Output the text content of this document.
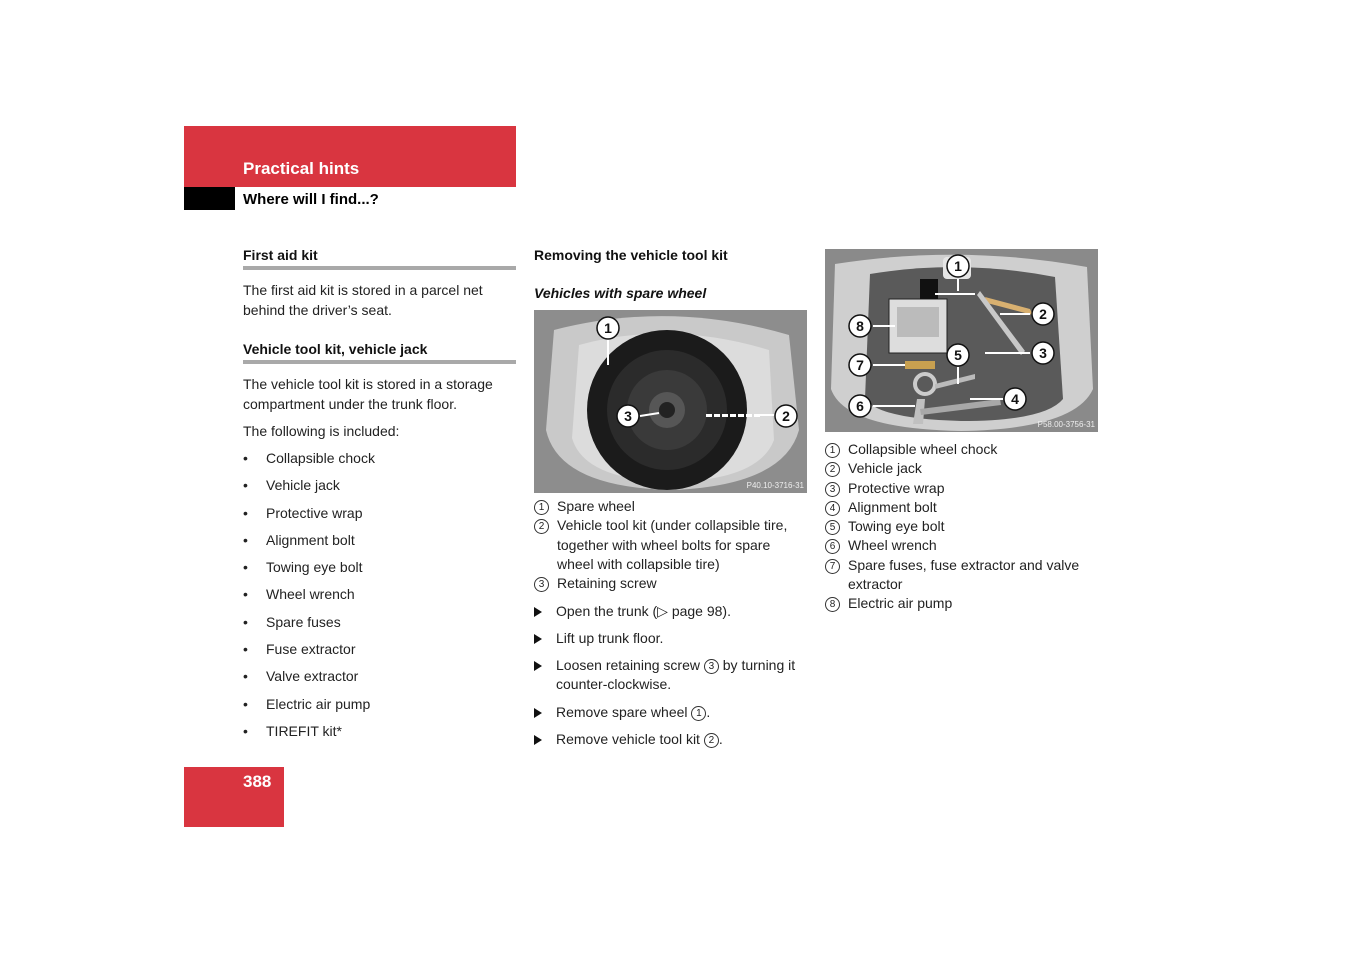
Practical hints
Where will I find...?
First aid kit
The first aid kit is stored in a parcel net behind the driver’s seat.
Vehicle tool kit, vehicle jack
The vehicle tool kit is stored in a storage compartment under the trunk floor.
The following is included:
• Collapsible chock
• Vehicle jack
• Protective wrap
• Alignment bolt
• Towing eye bolt
• Wheel wrench
• Spare fuses
• Fuse extractor
• Valve extractor
• Electric air pump
• TIREFIT kit*
Removing the vehicle tool kit
Vehicles with spare wheel
1
3	2
P40.10-3716-31
1 Spare wheel
2 Vehicle tool kit (under collapsible tire, together with wheel bolts for spare wheel with collapsible tire)
3 Retaining screw
Open the trunk (▷ page 98).
Lift up trunk floor.
Loosen retaining screw 3 by turning it counter-clockwise.
Remove spare wheel 1 .
Remove vehicle tool kit 2 .
1
2
3
4
5
6
7
8
P58.00-3756-31
1 Collapsible wheel chock
2 Vehicle jack
3 Protective wrap
4 Alignment bolt
5 Towing eye bolt
6 Wheel wrench
7 Spare fuses, fuse extractor and valve extractor
8 Electric air pump
388
